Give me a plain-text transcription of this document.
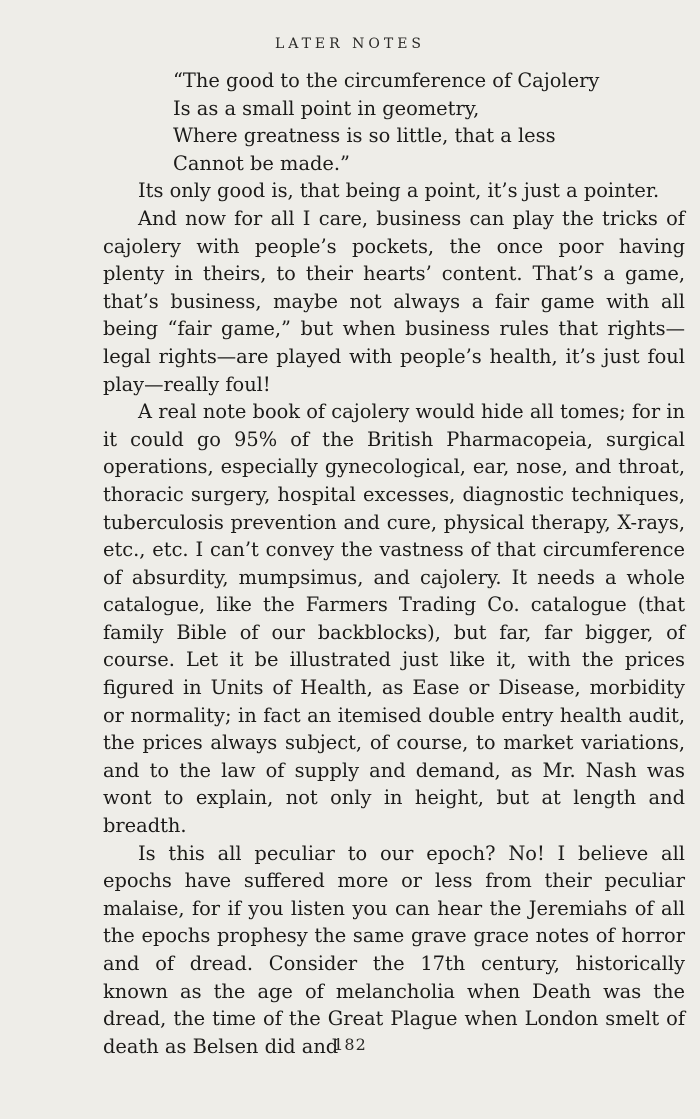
LATER NOTES
“The good to the circumference of Cajolery
Is as a small point in geometry,
Where greatness is so little, that a less
Cannot be made.”

Its only good is, that being a point, it’s just a pointer.

And now for all I care, business can play the tricks of cajolery with people’s pockets, the once poor having plenty in theirs, to their hearts’ content. That’s a game, that’s business, maybe not always a fair game with all being “fair game,” but when business rules that rights—legal rights—are played with people’s health, it’s just foul play—really foul!

A real note book of cajolery would hide all tomes; for in it could go 95% of the British Pharmacopeia, surgical operations, especially gynecological, ear, nose, and throat, thoracic surgery, hospital excesses, diagnostic techniques, tuberculosis prevention and cure, physical therapy, X-rays, etc., etc. I can’t convey the vastness of that circumference of absurdity, mumpsimus, and cajolery. It needs a whole catalogue, like the Farmers Trading Co. catalogue (that family Bible of our backblocks), but far, far bigger, of course. Let it be illustrated just like it, with the prices figured in Units of Health, as Ease or Disease, morbidity or normality; in fact an itemised double entry health audit, the prices always subject, of course, to market variations, and to the law of supply and demand, as Mr. Nash was wont to explain, not only in height, but at length and breadth.

Is this all peculiar to our epoch? No! I believe all epochs have suffered more or less from their peculiar malaise, for if you listen you can hear the Jeremiahs of all the epochs prophesy the same grave grace notes of horror and of dread. Consider the 17th century, historically known as the age of melancholia when Death was the dread, the time of the Great Plague when London smelt of death as Belsen did and

182
